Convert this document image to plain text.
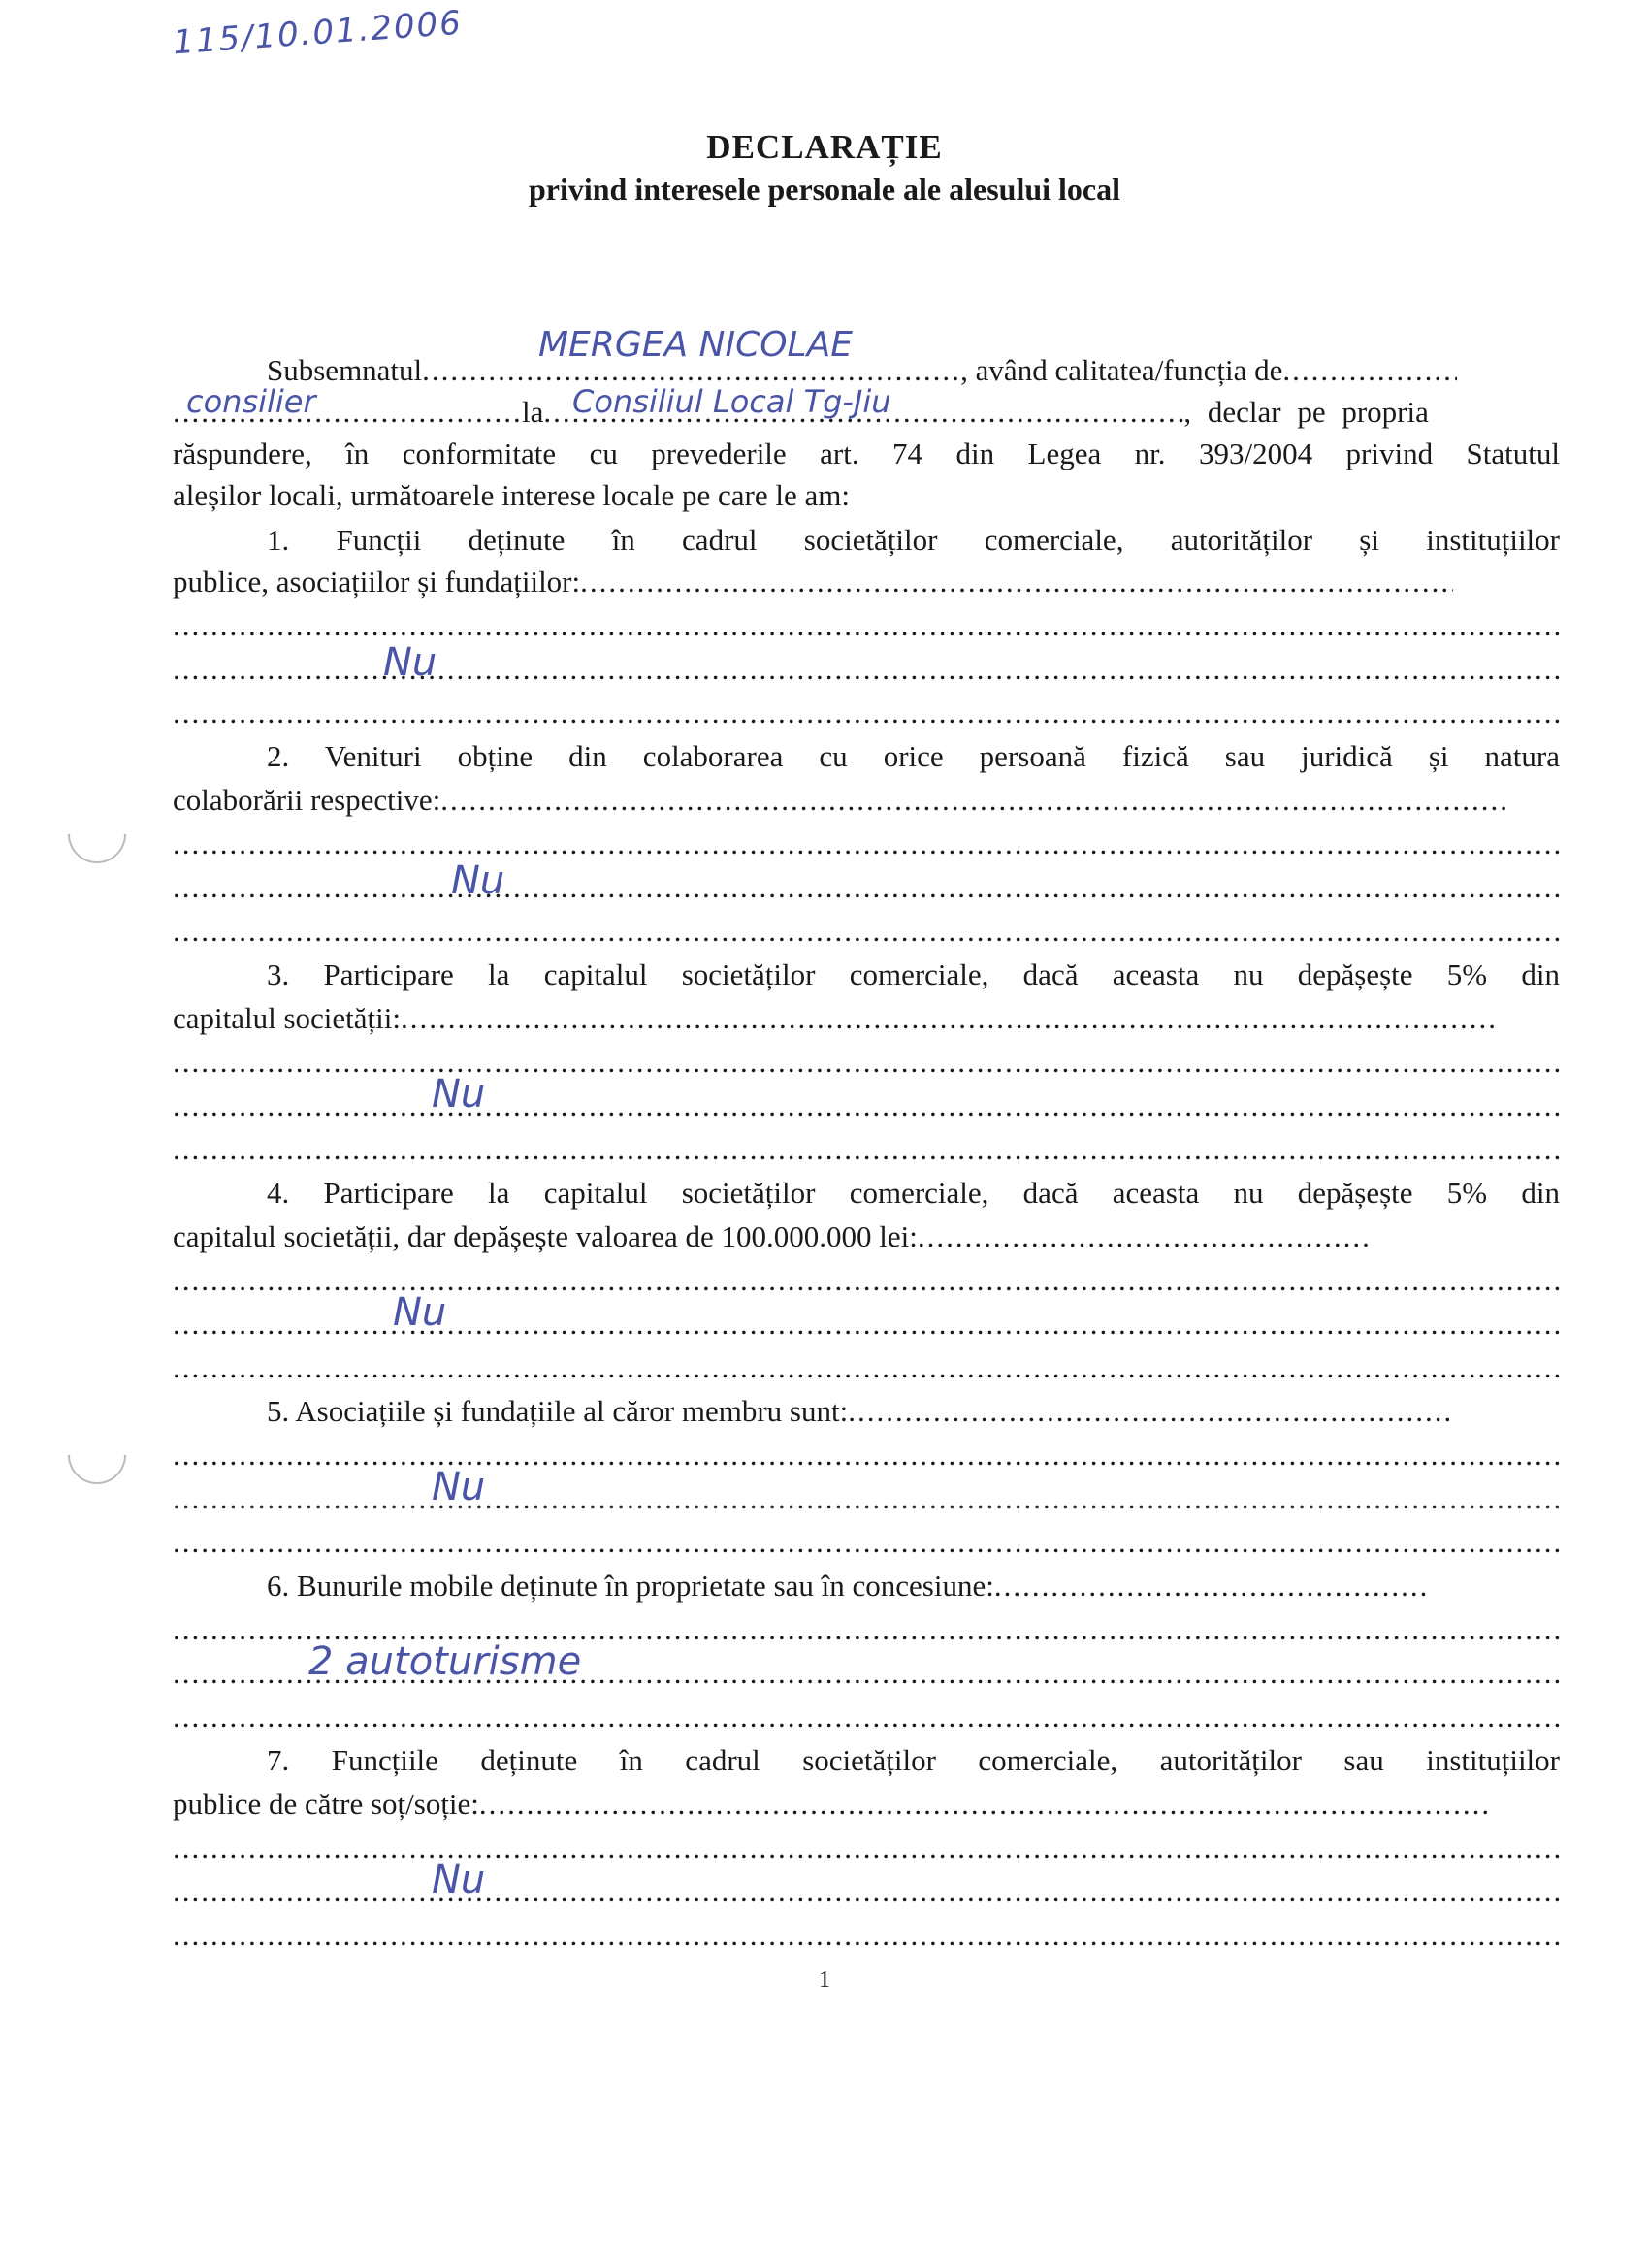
115/10.01.2006
DECLARAȚIE
privind interesele personale ale alesului local
Subsemnatul .....	, având calitatea/funcția de.....
MERGEA NICOLAE
.....la .....	, declar pe propria
consilier	Consiliul Local Tg-Jiu
răspundere, în conformitate cu prevederile art. 74 din Legea nr. 393/2004 privind Statutul
aleșilor locali, următoarele interese locale pe care le am:
1. Funcții deținute în cadrul societăților comerciale, autorităților și instituțiilor
publice, asociațiilor și fundațiilor:.....
.....
.....
.....
Nu
2. Venituri obține din colaborarea cu orice persoană fizică sau juridică și natura
colaborării respective:.....
.....
.....
.....
Nu
3. Participare la capitalul societăților comerciale, dacă aceasta nu depășește 5% din
capitalul societății:.....
.....
.....
.....
Nu
4. Participare la capitalul societăților comerciale, dacă aceasta nu depășește 5% din
capitalul societății, dar depășește valoarea de 100.000.000 lei:.....
.....
.....
.....
Nu
5. Asociațiile și fundațiile al căror membru sunt:.....
.....
.....
.....
Nu
6. Bunurile mobile deținute în proprietate sau în concesiune:.....
.....
.....
.....
2 autoturisme
7. Funcțiile deținute în cadrul societăților comerciale, autorităților sau instituțiilor
publice de către soț/soție:.....
.....
.....
.....
Nu
1
